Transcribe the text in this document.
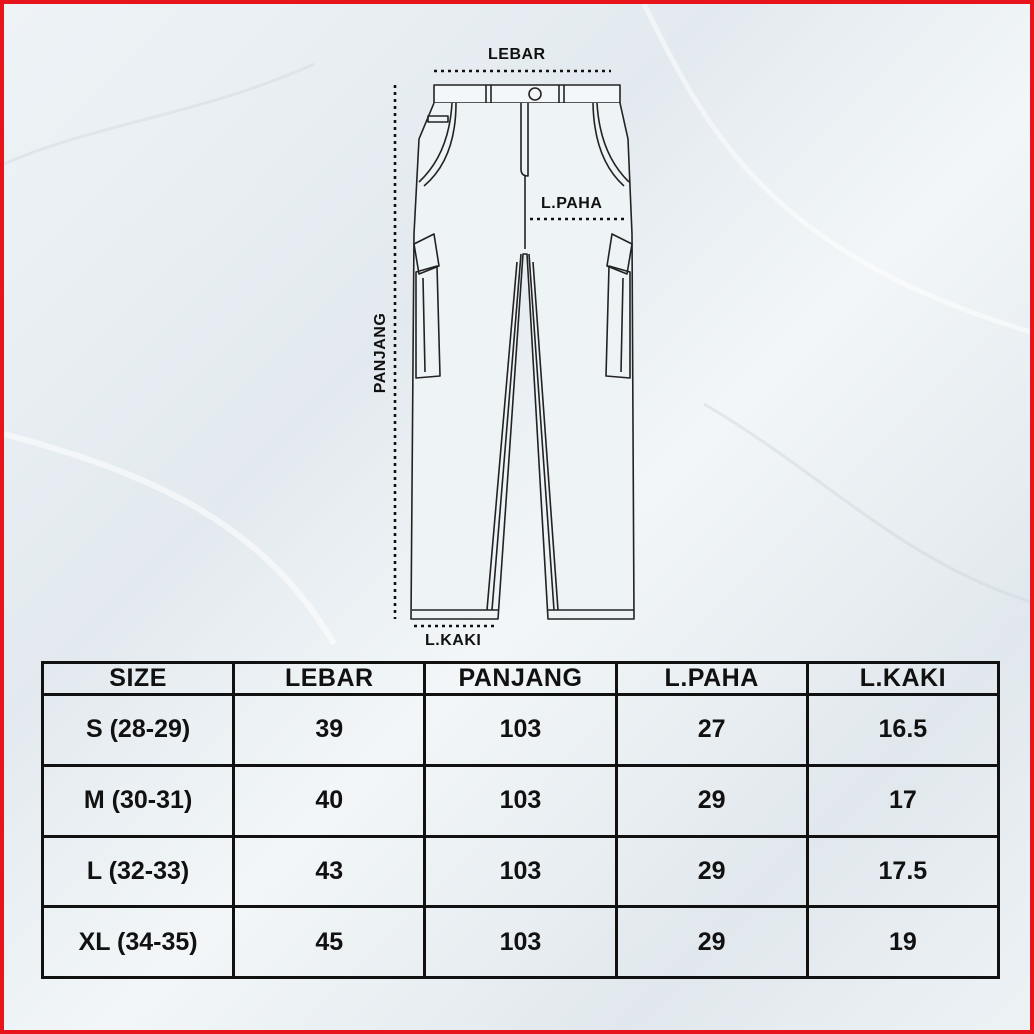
LEBAR
L.PAHA
L.KAKI
PANJANG
SIZE	LEBAR	PANJANG	L.PAHA	L.KAKI
S (28-29)	39	103	27	16.5
M (30-31)	40	103	29	17
L (32-33)	43	103	29	17.5
XL (34-35)	45	103	29	19
